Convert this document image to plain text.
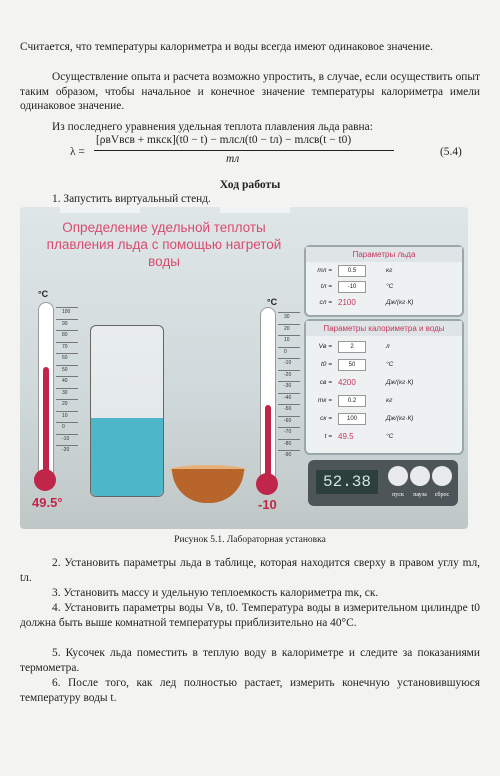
Считается, что температуры калориметра и воды всегда имеют одинаковое значение.
Осуществление опыта и расчета возможно упростить, в случае, если осуществить опыт таким образом, чтобы начальное и конечное значение температуры калориметра имели одинаковое значение.
Из последнего уравнения удельная теплота плавления льда равна:
λ =
[ρвVвcв + mкcк](t0 − t) − mлcл(t0 − tл) − mлcв(t − t0)
mл
(5.4)
Ход работы
1. Запустить виртуальный стенд.
Определение удельной теплоты плавления льда с помощью нагретой воды
°C
100
90
80
70
60
50
40
30
20
10
0
-10
-20
49.5°
°C
30
20
10
0
-10
-20
-30
-40
-50
-60
-70
-80
-90
-10
Параметры льда
mл =	0.5	кг
tл =	-10	°C
cл = 2100	Дж/(кг·К)
Параметры калориметра и воды
Vв =	2	л
t0 =	50	°C
cв = 4200	Дж/(кг·К)
mк =	0.2	кг
cк =	100	Дж/(кг·К)
t = 49.5	°C
52.38
пуск	пауза	сброс
Рисунок 5.1. Лабораторная установка
2. Установить параметры льда в таблице, которая находится сверху в правом углу mл, tл.
3. Установить массу и удельную теплоемкость калориметра mк, cк.
4. Установить параметры воды Vв, t0. Температура воды в измерительном цилиндре t0 должна быть выше комнатной температуры приблизительно на 40°С.
5. Кусочек льда поместить в теплую воду в калориметре и следите за показаниями термометра.
6. После того, как лед полностью растает, измерить конечную установившуюся температуру воды t.
